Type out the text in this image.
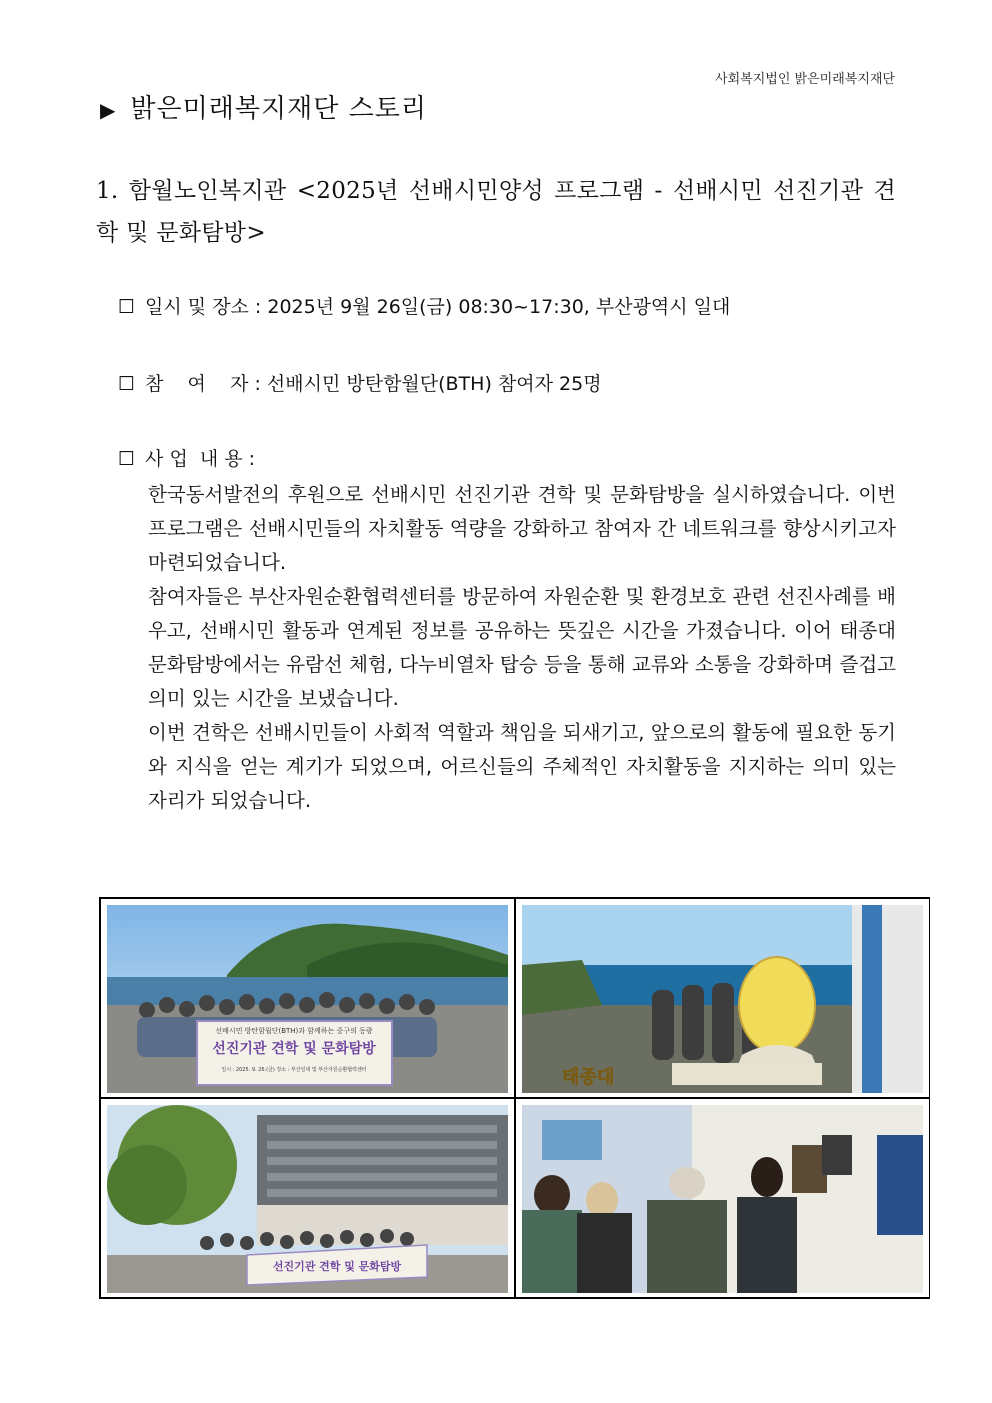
사회복지법인 밝은미래복지재단
▶ 밝은미래복지재단 스토리
1. 함월노인복지관 <2025년 선배시민양성 프로그램 - 선배시민 선진기관 견학 및 문화탐방>
☐ 일시 및 장소 : 2025년 9월 26일(금) 08:30~17:30, 부산광역시 일대
☐ 참    여    자 : 선배시민 방탄함월단(BTH) 참여자 25명
☐ 사 업  내 용 :

한국동서발전의 후원으로 선배시민 선진기관 견학 및 문화탐방을 실시하였습니다. 이번 프로그램은 선배시민들의 자치활동 역량을 강화하고 참여자 간 네트워크를 향상시키고자 마련되었습니다.

참여자들은 부산자원순환협력센터를 방문하여 자원순환 및 환경보호 관련 선진사례를 배우고, 선배시민 활동과 연계된 정보를 공유하는 뜻깊은 시간을 가졌습니다. 이어 태종대 문화탐방에서는 유람선 체험, 다누비열차 탑승 등을 통해 교류와 소통을 강화하며 즐겁고 의미 있는 시간을 보냈습니다.

이번 견학은 선배시민들이 사회적 역할과 책임을 되새기고, 앞으로의 활동에 필요한 동기와 지식을 얻는 계기가 되었으며, 어르신들의 주체적인 자치활동을 지지하는 의미 있는 자리가 되었습니다.

선배시민 방탄함월단(BTH)과 함께하는 중구의 동광
선진기관 견학 및 문화탐방
일시 : 2025. 9. 26.(금) 장소 : 부산일대 및 부산자원순환협력센터	태종대
선진기관 견학 및 문화탐방
